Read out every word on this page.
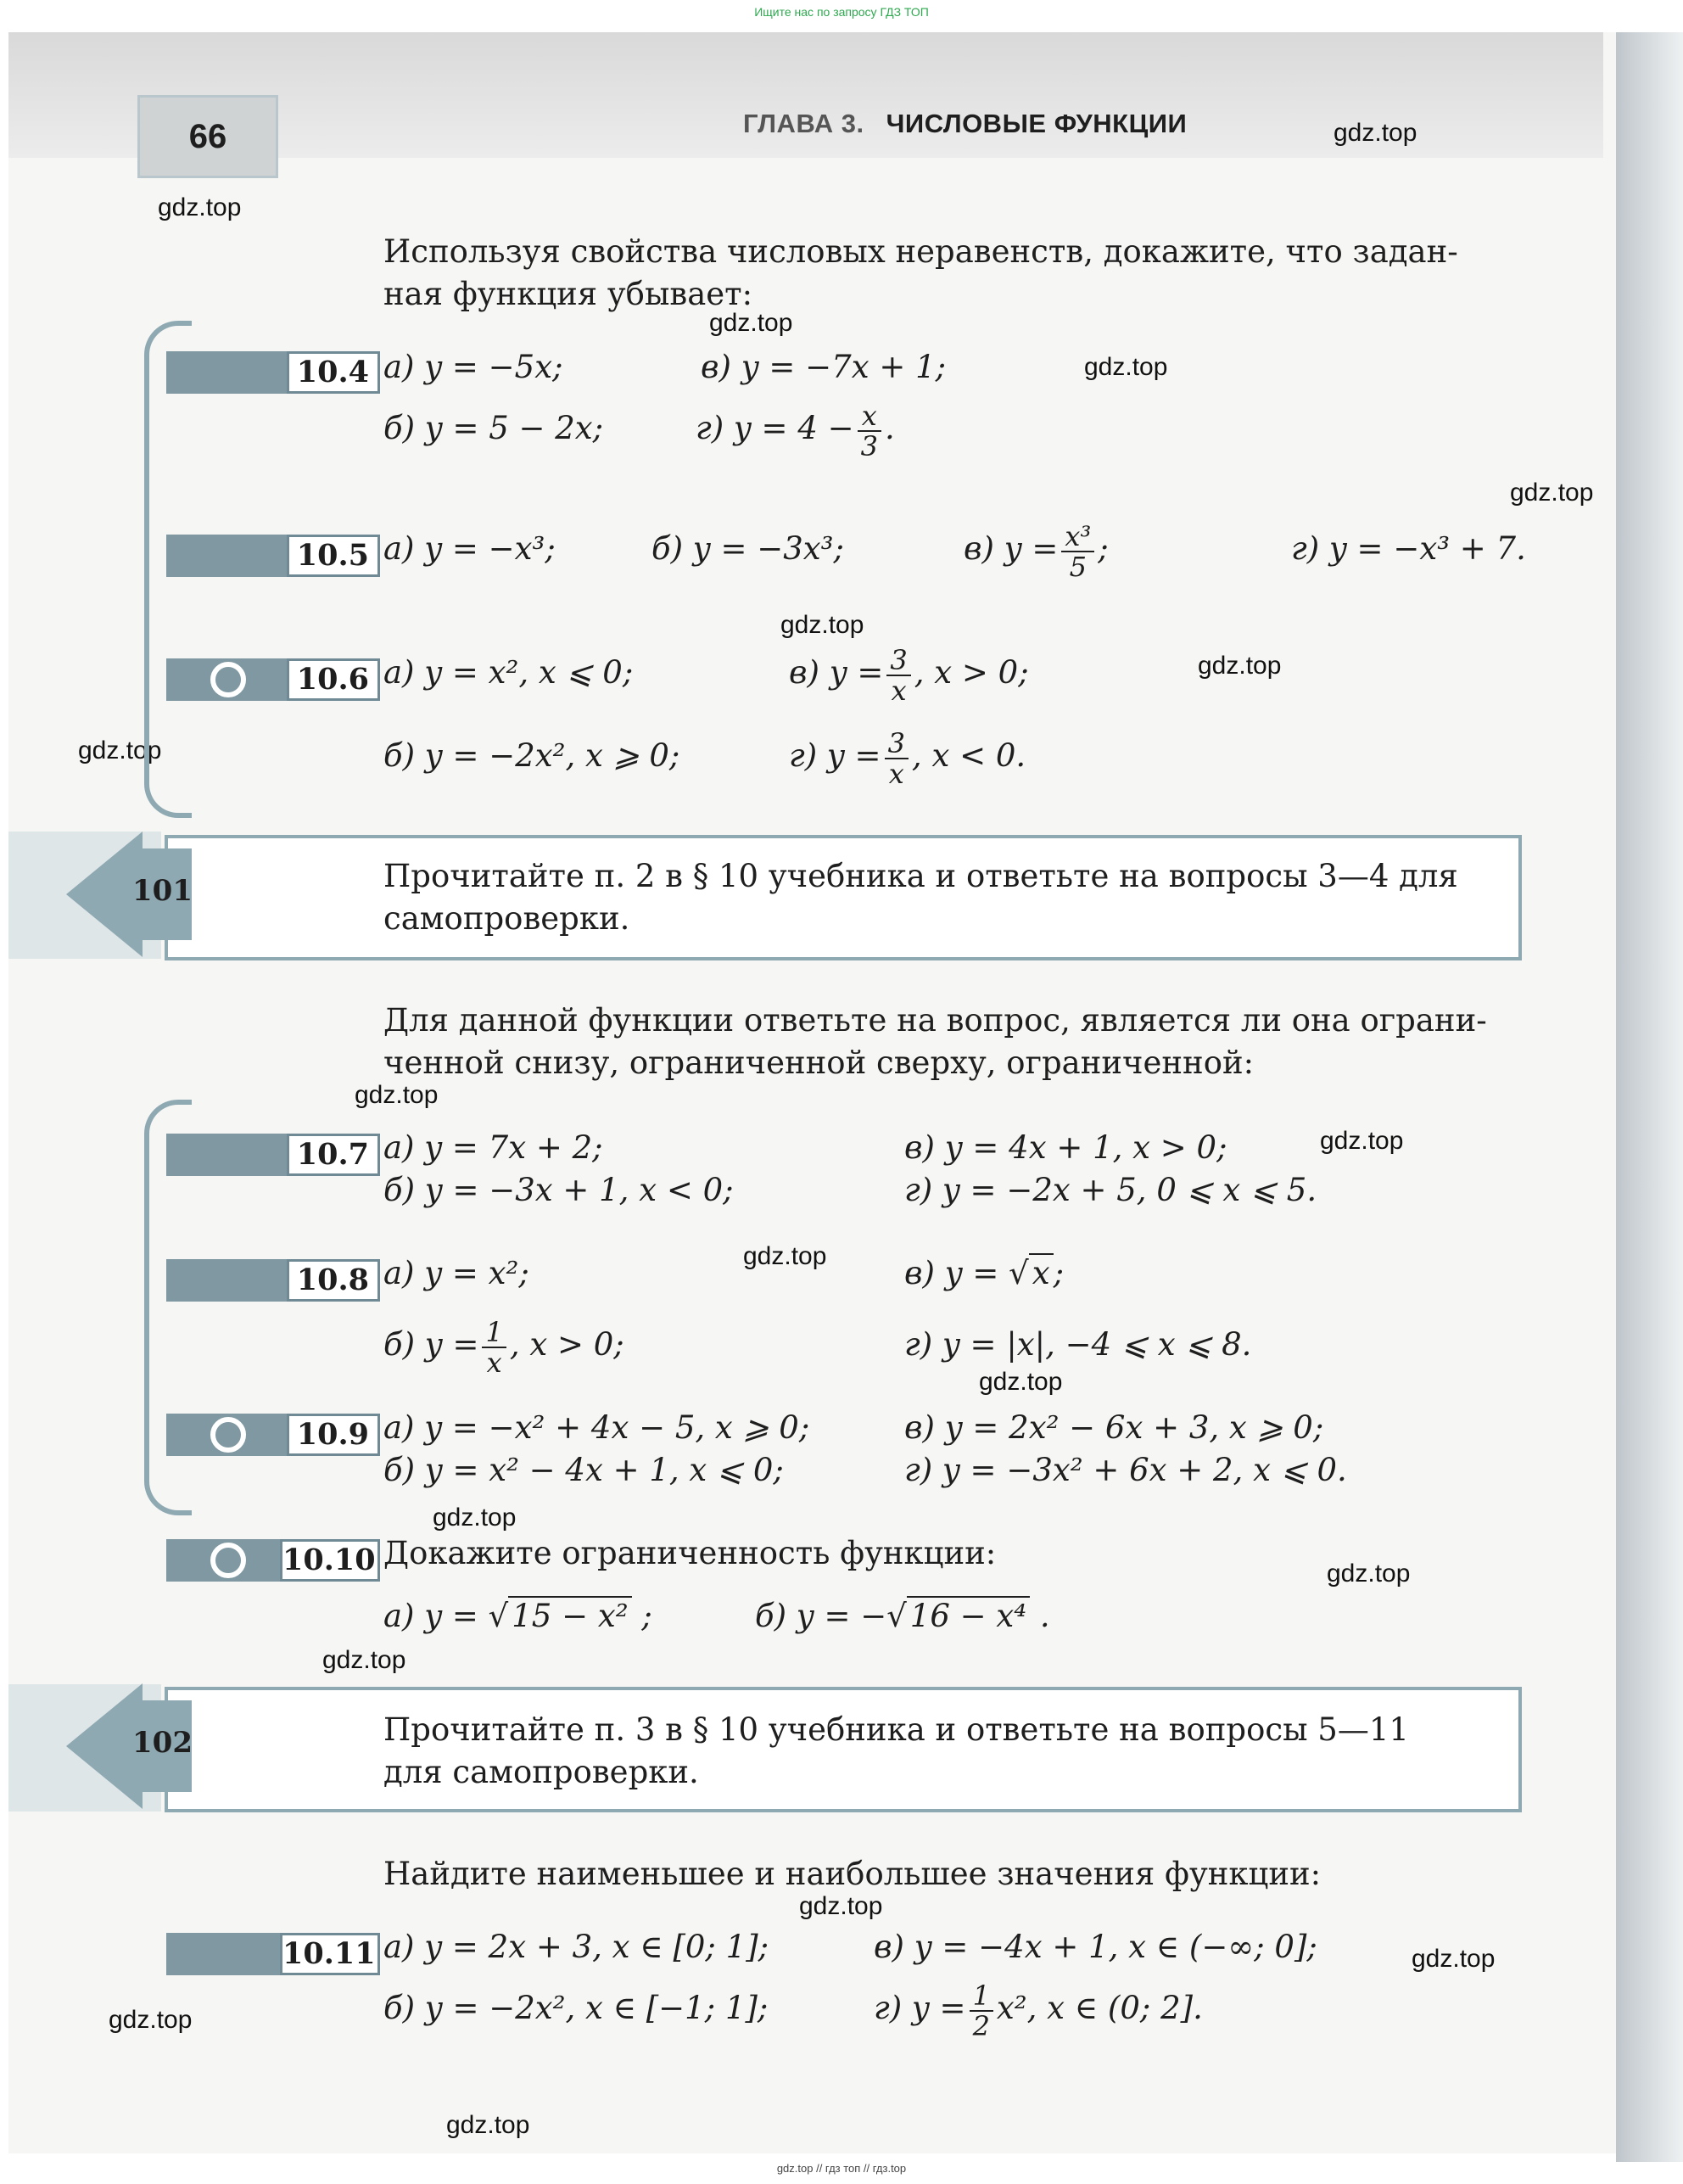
Ищите нас по запросу ГДЗ ТОП
66	ГЛАВА 3. ЧИСЛОВЫЕ ФУНКЦИИ	gdz.top
gdz.top
gdz.top
gdz.top
gdz.top
gdz.top
gdz.top
gdz.top
gdz.top
gdz.top
gdz.top
gdz.top
gdz.top
gdz.top
gdz.top
gdz.top
gdz.top
gdz.top
gdz.top
Используя свойства числовых неравенств, докажите, что задан-
ная функция убывает:
10.4 а) y = −5x;	в) y = −7x + 1;
б) y = 5 − 2x;	г) $y = 4 - \frac{x}{3}$ .
10.5 а) y = −x³;	б) y = −3x³;	в) $y = \frac{\text{x³}}{5}$ ;	г) y = −x³ + 7.
10.6 а) y = x², x ⩽ 0;	в) $y = \frac{3}{x}$ , x > 0;
б) y = −2x², x ⩾ 0;	г) $y = \frac{3}{x}$ , x < 0.
101	Прочитайте п. 2 в § 10 учебника и ответьте на вопросы 3—4 для
самопроверки.
Для данной функции ответьте на вопрос, является ли она ограни-
ченной снизу, ограниченной сверху, ограниченной:
10.7 а) y = 7x + 2;	в) y = 4x + 1, x > 0;
б) y = −3x + 1, x < 0;	г) y = −2x + 5, 0 ⩽ x ⩽ 5.
10.8 а) y = x²;	в) y = √ x ;
б) $y = \frac{1}{x}$ , x > 0;	г) y = |x|, −4 ⩽ x ⩽ 8.
10.9 а) y = −x² + 4x − 5, x ⩾ 0;	в) y = 2x² − 6x + 3, x ⩾ 0;
б) y = x² − 4x + 1, x ⩽ 0;	г) y = −3x² + 6x + 2, x ⩽ 0.
10.10 Докажите ограниченность функции:
а) y = √ 15 − x² ;	б) y = −√ 16 − x⁴ .
102	Прочитайте п. 3 в § 10 учебника и ответьте на вопросы 5—11
для самопроверки.
Найдите наименьшее и наибольшее значения функции:
10.11 а) y = 2x + 3, x ∈ [0; 1];	в) y = −4x + 1, x ∈ (−∞; 0];
б) y = −2x², x ∈ [−1; 1];	г) $y = \frac{1}{2} x^2$, x ∈ (0; 2].
gdz.top // гдз топ // гдз.top
